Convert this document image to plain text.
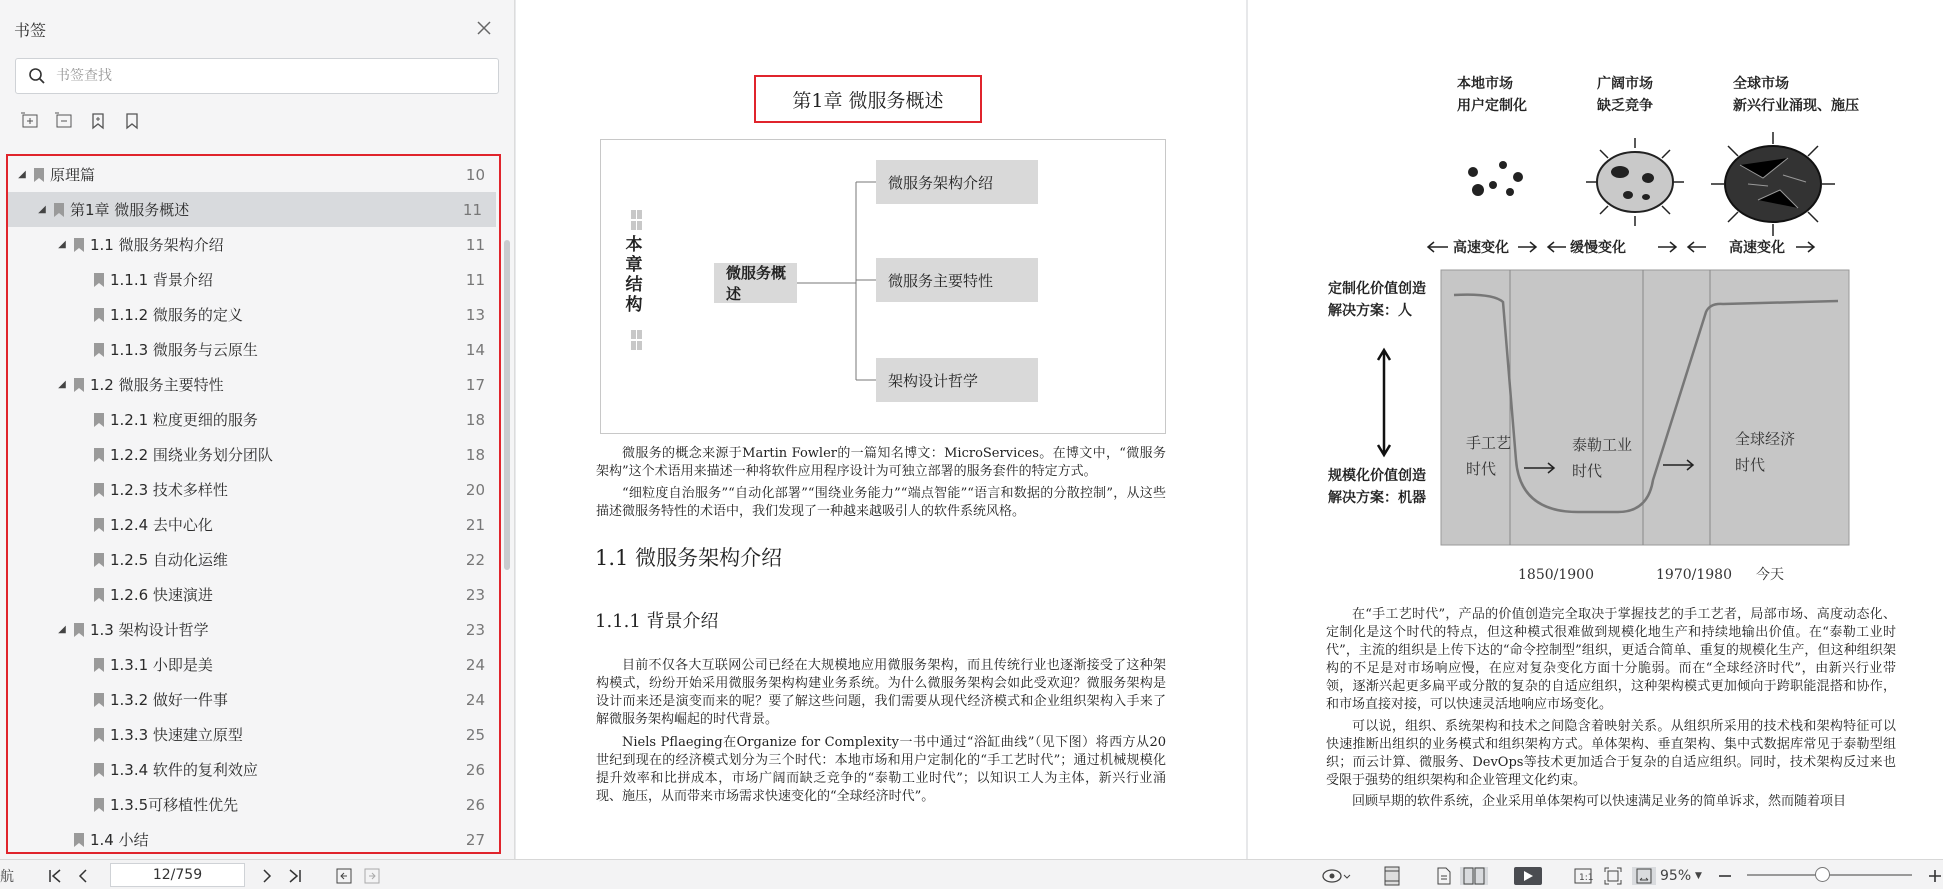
书签
书签查找
◢ 原理篇	10
◢ 第1章 微服务概述	11
◢ 1.1 微服务架构介绍	11
1.1.1 背景介绍	11
1.1.2 微服务的定义	13
1.1.3 微服务与云原生	14
◢ 1.2 微服务主要特性	17
1.2.1 粒度更细的服务	18
1.2.2 围绕业务划分团队	18
1.2.3 技术多样性	20
1.2.4 去中心化	21
1.2.5 自动化运维	22
1.2.6 快速演进	23
◢ 1.3 架构设计哲学	23
1.3.1 小即是美	24
1.3.2 做好一件事	24
1.3.3 快速建立原型	25
1.3.4 软件的复利效应	26
1.3.5可移植性优先	26
1.4 小结	27
第1章 微服务概述
本章结构
微服务概述
微服务架构介绍
微服务主要特性
架构设计哲学

微服务的概念来源于Martin Fowler的一篇知名博文：MicroServices。在博文中，“微服务架构”这个术语用来描述一种将软件应用程序设计为可独立部署的服务套件的特定方式。

“细粒度自治服务”“自动化部署”“围绕业务能力”“端点智能”“语言和数据的分散控制”，从这些描述微服务特性的术语中，我们发现了一种越来越吸引人的软件系统风格。

1.1 微服务架构介绍
1.1.1 背景介绍

目前不仅各大互联网公司已经在大规模地应用微服务架构，而且传统行业也逐渐接受了这种架构模式，纷纷开始采用微服务架构构建业务系统。为什么微服务架构会如此受欢迎？微服务架构是设计而来还是演变而来的呢？要了解这些问题，我们需要从现代经济模式和企业组织架构入手来了解微服务架构崛起的时代背景。

Niels Pflaeging在Organize for Complexity一书中通过“浴缸曲线”（见下图）将西方从20世纪到现在的经济模式划分为三个时代：本地市场和用户定制化的“手工艺时代”；通过机械规模化提升效率和比拼成本，市场广阔而缺乏竞争的“泰勒工业时代”；以知识工人为主体，新兴行业涌现、施压，从而带来市场需求快速变化的“全球经济时代”。

本地市场
用户定制化
广阔市场
缺乏竞争
全球市场
新兴行业涌现、施压
高速变化	缓慢变化	高速变化
定制化价值创造
解决方案：人
规模化价值创造
解决方案：机器
手工艺
时代
泰勒工业
时代
全球经济
时代
1850/1900	1970/1980 今天

在“手工艺时代”，产品的价值创造完全取决于掌握技艺的手工艺者，局部市场、高度动态化、定制化是这个时代的特点，但这种模式很难做到规模化地生产和持续地输出价值。在“泰勒工业时代”，主流的组织是上传下达的“命令控制型”组织，更适合简单、重复的规模化生产，但这种组织架构的不足是对市场响应慢，在应对复杂变化方面十分脆弱。而在“全球经济时代”，由新兴行业带领，逐渐兴起更多扁平或分散的复杂的自适应组织，这种架构模式更加倾向于跨职能混搭和协作，和市场直接对接，可以快速灵活地响应市场变化。

可以说，组织、系统架构和技术之间隐含着映射关系。从组织所采用的技术栈和架构特征可以快速推断出组织的业务模式和组织架构方式。单体架构、垂直架构、集中式数据库常见于泰勒型组织；而云计算、微服务、DevOps等技术更加适合于复杂的自适应组织。同时，技术架构反过来也受限于强势的组织架构和企业管理文化约束。

回顾早期的软件系统，企业采用单体架构可以快速满足业务的简单诉求，然而随着项目

航
12/759	1:1	95% ▼
